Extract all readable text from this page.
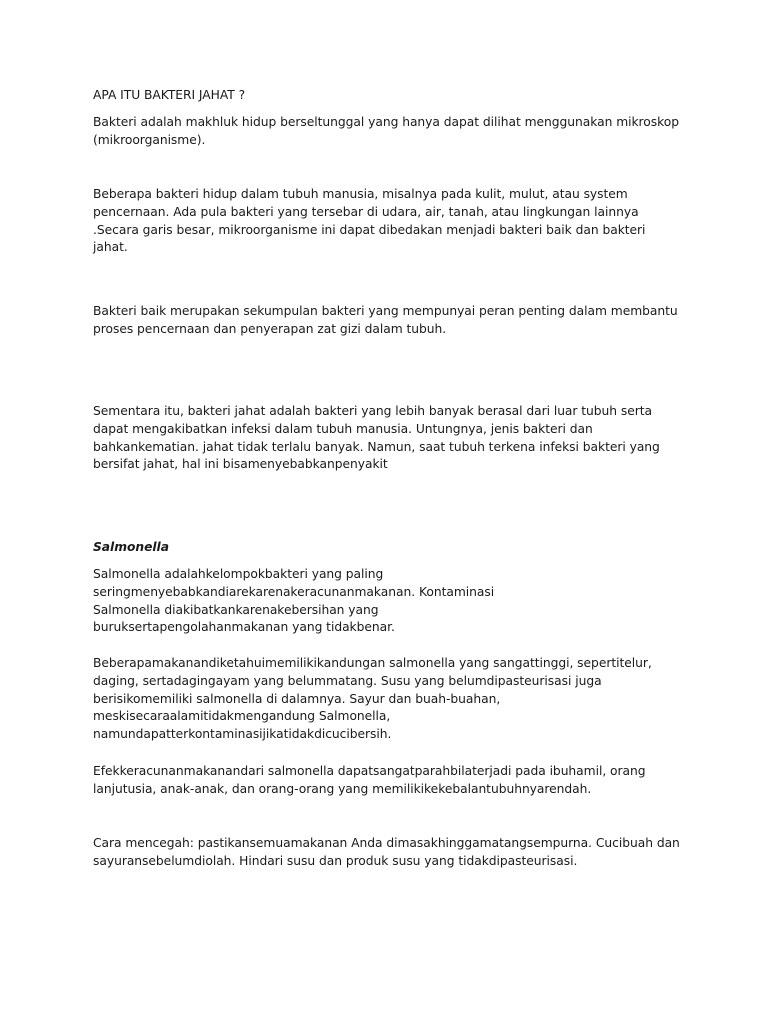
APA ITU BAKTERI JAHAT ?

Bakteri adalah makhluk hidup berseltunggal yang hanya dapat dilihat menggunakan mikroskop (mikroorganisme).

Beberapa bakteri hidup dalam tubuh manusia, misalnya pada kulit, mulut, atau system pencernaan. Ada pula bakteri yang tersebar di udara, air, tanah, atau lingkungan lainnya .Secara garis besar, mikroorganisme ini dapat dibedakan menjadi bakteri baik dan bakteri jahat.

Bakteri baik merupakan sekumpulan bakteri yang mempunyai peran penting dalam membantu proses pencernaan dan penyerapan zat gizi dalam tubuh.

Sementara itu, bakteri jahat adalah bakteri yang lebih banyak berasal dari luar tubuh serta dapat mengakibatkan infeksi dalam tubuh manusia. Untungnya, jenis bakteri dan bahkankematian. jahat tidak terlalu banyak. Namun, saat tubuh terkena infeksi bakteri yang bersifat jahat, hal ini bisamenyebabkanpenyakit

Salmonella

Salmonella adalahkelompokbakteri yang paling seringmenyebabkandiarekarenakeracunanmakanan. Kontaminasi Salmonella diakibatkankarenakebersihan yang buruksertapengolahanmakanan yang tidakbenar.

Beberapamakanandiketahuimemilikikandungan salmonella yang sangattinggi, sepertitelur, daging, sertadagingayam yang belummatang. Susu yang belumdipasteurisasi juga berisikomemiliki salmonella di dalamnya. Sayur dan buah-buahan, meskisecaraalamitidakmengandung Salmonella, namundapatterkontaminasijikatidakdicucibersih.

Efekkeracunanmakanandari salmonella dapatsangatparahbilaterjadi pada ibuhamil, orang lanjutusia, anak-anak, dan orang-orang yang memilikikekebalantubuhnyarendah.

Cara mencegah: pastikansemuamakanan Anda dimasakhinggamatangsempurna. Cucibuah dan sayuransebelumdiolah. Hindari susu dan produk susu yang tidakdipasteurisasi.
